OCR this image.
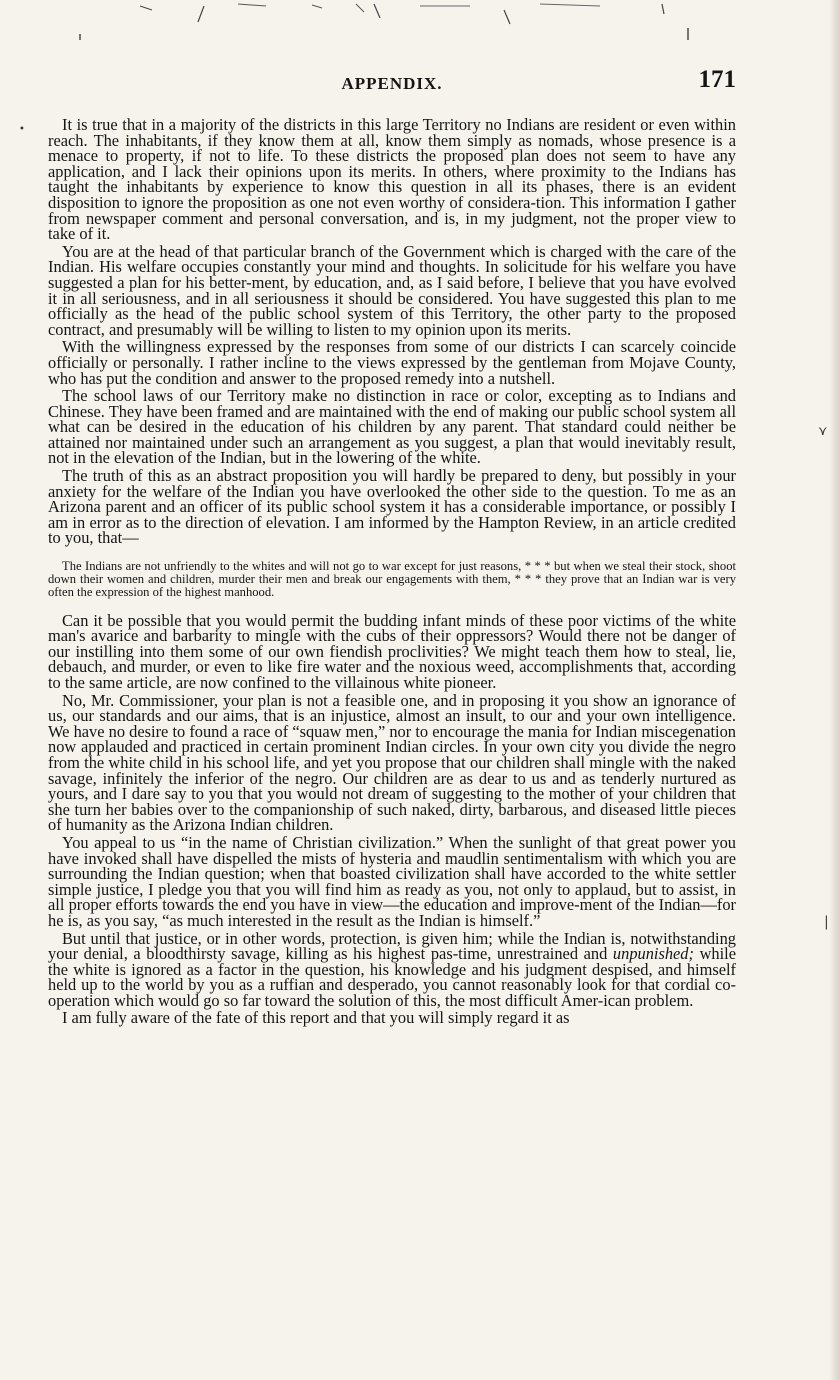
•
APPENDIX.	171

It is true that in a majority of the districts in this large Territory no Indians are resident or even within reach. The inhabitants, if they know them at all, know them simply as nomads, whose presence is a menace to property, if not to life. To these districts the proposed plan does not seem to have any application, and I lack their opinions upon its merits. In others, where proximity to the Indians has taught the inhabitants by experience to know this question in all its phases, there is an evident disposition to ignore the proposition as one not even worthy of considera-tion. This information I gather from newspaper comment and personal conversation, and is, in my judgment, not the proper view to take of it.

You are at the head of that particular branch of the Government which is charged with the care of the Indian. His welfare occupies constantly your mind and thoughts. In solicitude for his welfare you have suggested a plan for his better-ment, by education, and, as I said before, I believe that you have evolved it in all seriousness, and in all seriousness it should be considered. You have suggested this plan to me officially as the head of the public school system of this Territory, the other party to the proposed contract, and presumably will be willing to listen to my opinion upon its merits.

With the willingness expressed by the responses from some of our districts I can scarcely coincide officially or personally. I rather incline to the views expressed by the gentleman from Mojave County, who has put the condition and answer to the proposed remedy into a nutshell.

The school laws of our Territory make no distinction in race or color, excepting as to Indians and Chinese. They have been framed and are maintained with the end of making our public school system all what can be desired in the education of his children by any parent. That standard could neither be attained nor maintained under such an arrangement as you suggest, a plan that would inevitably result, not in the elevation of the Indian, but in the lowering of the white.

The truth of this as an abstract proposition you will hardly be prepared to deny, but possibly in your anxiety for the welfare of the Indian you have overlooked the other side to the question. To me as an Arizona parent and an officer of its public school system it has a considerable importance, or possibly I am in error as to the direction of elevation. I am informed by the Hampton Review, in an article credited to you, that—

The Indians are not unfriendly to the whites and will not go to war except for just reasons, * * * but when we steal their stock, shoot down their women and children, murder their men and break our engagements with them, * * * they prove that an Indian war is very often the expression of the highest manhood.

Can it be possible that you would permit the budding infant minds of these poor victims of the white man's avarice and barbarity to mingle with the cubs of their oppressors? Would there not be danger of our instilling into them some of our own fiendish proclivities? We might teach them how to steal, lie, debauch, and murder, or even to like fire water and the noxious weed, accomplishments that, according to the same article, are now confined to the villainous white pioneer.

No, Mr. Commissioner, your plan is not a feasible one, and in proposing it you show an ignorance of us, our standards and our aims, that is an injustice, almost an insult, to our and your own intelligence. We have no desire to found a race of “squaw men,” nor to encourage the mania for Indian miscegenation now applauded and practiced in certain prominent Indian circles. In your own city you divide the negro from the white child in his school life, and yet you propose that our children shall mingle with the naked savage, infinitely the inferior of the negro. Our children are as dear to us and as tenderly nurtured as yours, and I dare say to you that you would not dream of suggesting to the mother of your children that she turn her babies over to the companionship of such naked, dirty, barbarous, and diseased little pieces of humanity as the Arizona Indian children.

You appeal to us “in the name of Christian civilization.” When the sunlight of that great power you have invoked shall have dispelled the mists of hysteria and maudlin sentimentalism with which you are surrounding the Indian question; when that boasted civilization shall have accorded to the white settler simple justice, I pledge you that you will find him as ready as you, not only to applaud, but to assist, in all proper efforts towards the end you have in view—the education and improve-ment of the Indian—for he is, as you say, “as much interested in the result as the Indian is himself.”

But until that justice, or in other words, protection, is given him; while the Indian is, notwithstanding your denial, a bloodthirsty savage, killing as his highest pas-time, unrestrained and unpunished; while the white is ignored as a factor in the question, his knowledge and his judgment despised, and himself held up to the world by you as a ruffian and desperado, you cannot reasonably look for that cordial co-operation which would go so far toward the solution of this, the most difficult Amer-ican problem.

I am fully aware of the fate of this report and that you will simply regard it as

⋎
|
